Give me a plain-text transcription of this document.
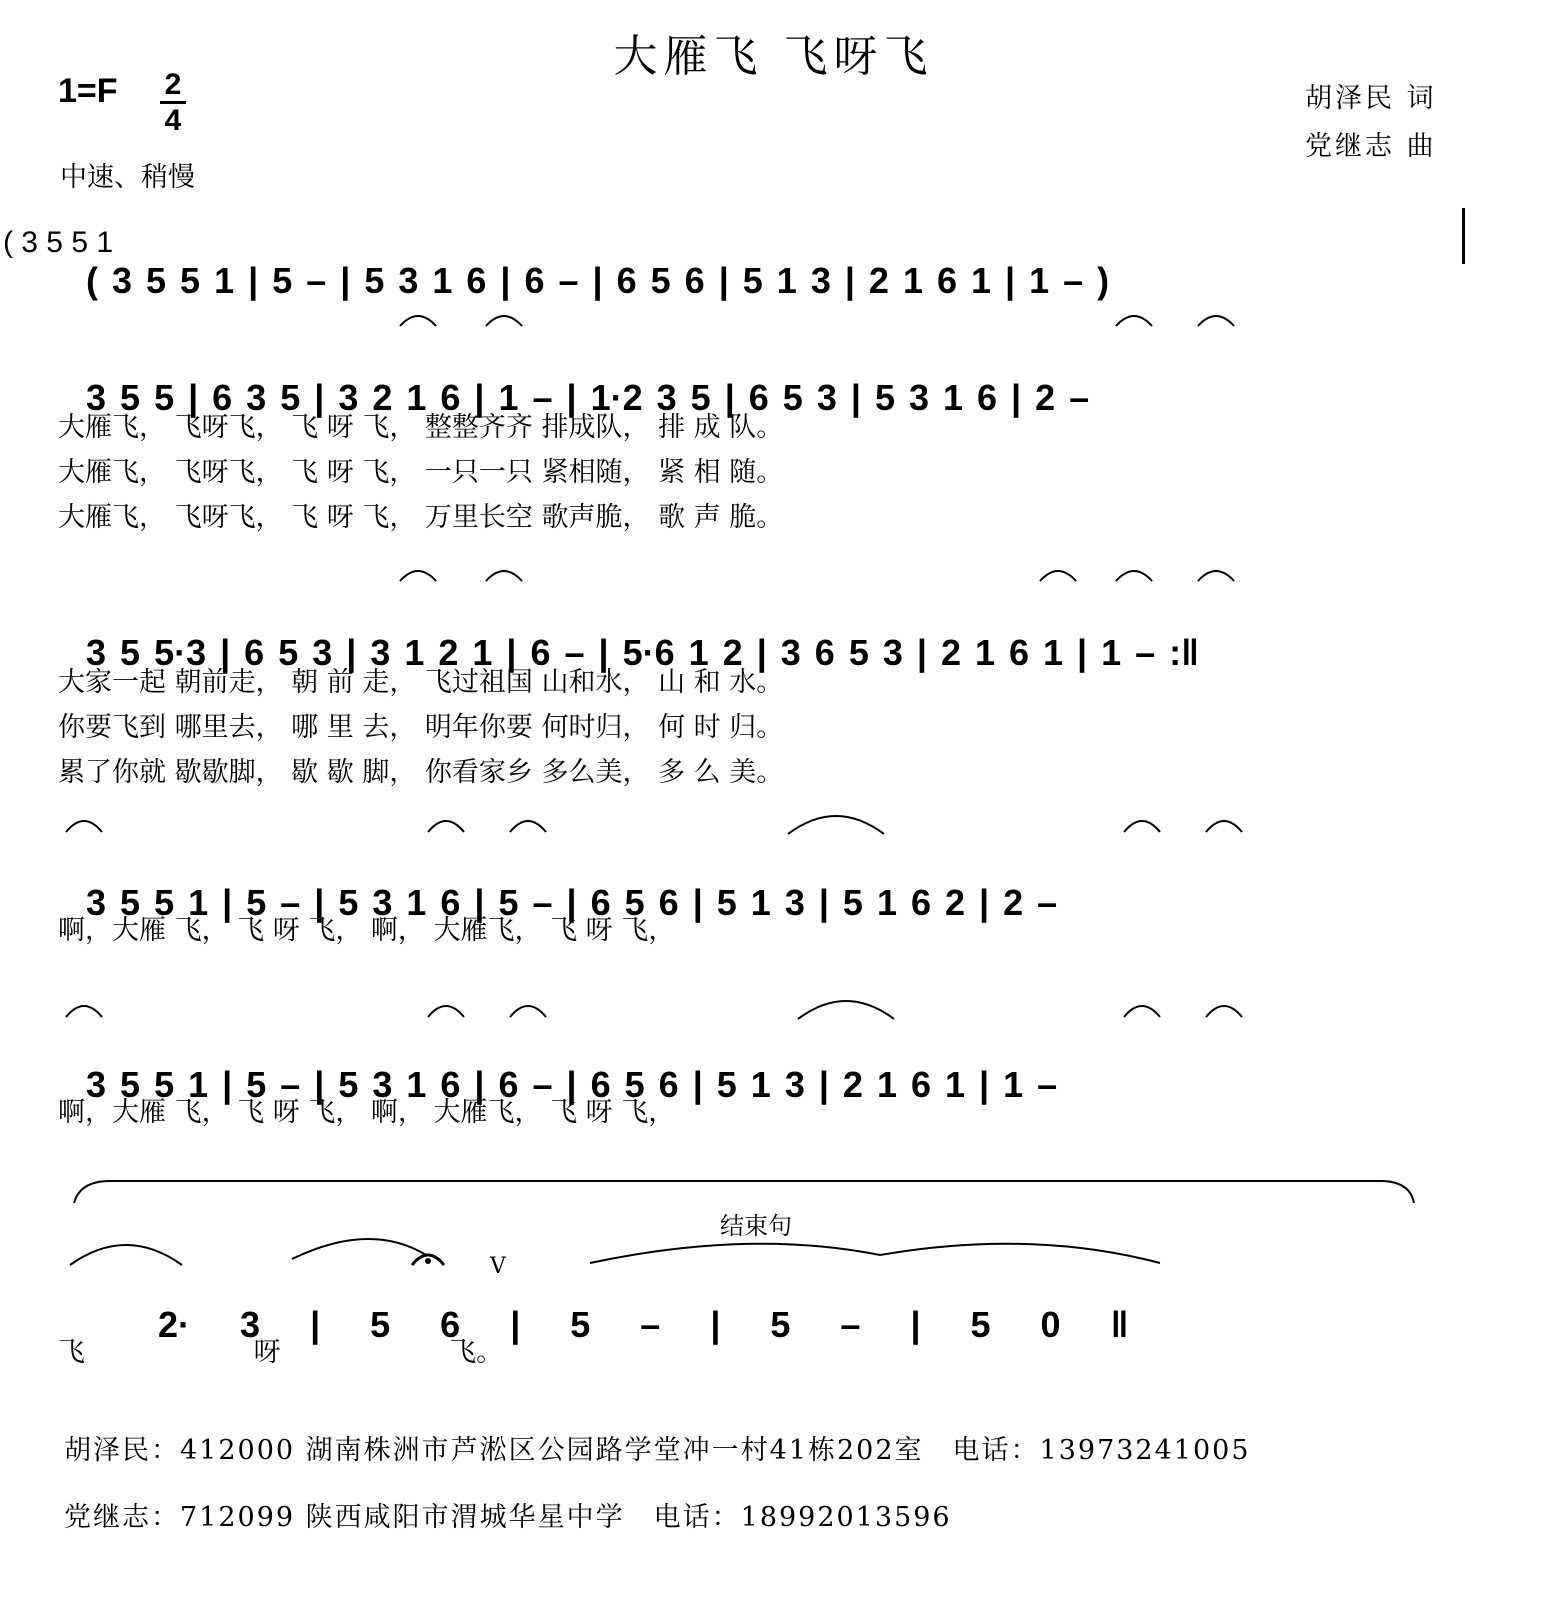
大雁飞 飞呀飞
$1=F \frac{2}{4}$
中速、稍慢
胡泽民 词
党继志 曲
( 3 5 5 1

( 3 5 5 1 | 5 – | 5 3 1 6 | 6 – | 6 5 6 | 5 1 3 | 2 1 6 1 | 1 – )

3 5 5 | 6 3 5 | 3 2 1 6 | 1 – | 1·2 3 5 | 6 5 3 | 5 3 1 6 | 2 –

大雁飞， 飞呀飞， 飞 呀 飞， 整整齐齐 排成队， 排 成 队。
大雁飞， 飞呀飞， 飞 呀 飞， 一只一只 紧相随， 紧 相 随。
大雁飞， 飞呀飞， 飞 呀 飞， 万里长空 歌声脆， 歌 声 脆。

3 5 5·3 | 6 5 3 | 3 1 2 1 | 6 – | 5·6 1 2 | 3 6 5 3 | 2 1 6 1 | 1 – :‖

大家一起 朝前走， 朝 前 走， 飞过祖国 山和水， 山 和 水。
你要飞到 哪里去， 哪 里 去， 明年你要 何时归， 何 时 归。
累了你就 歇歇脚， 歇 歇 脚， 你看家乡 多么美， 多 么 美。

3 5 5 1 | 5 – | 5 3 1 6 | 5 – | 6 5 6 | 5 1 3 | 5 1 6 2 | 2 –

啊，大雁 飞， 飞 呀 飞， 啊， 大雁飞， 飞 呀 飞，

3 5 5 1 | 5 – | 5 3 1 6 | 6 – | 6 5 6 | 5 1 3 | 2 1 6 1 | 1 –

啊，大雁 飞， 飞 呀 飞， 啊， 大雁飞， 飞 呀 飞，
结束句
V

2· 3 | 5 6 | 5 – | 5 – | 5 0 ‖

飞 呀 飞。
胡泽民：412000 湖南株洲市芦淞区公园路学堂冲一村41栋202室　电话：13973241005
党继志：712099 陕西咸阳市渭城华星中学　电话：18992013596
